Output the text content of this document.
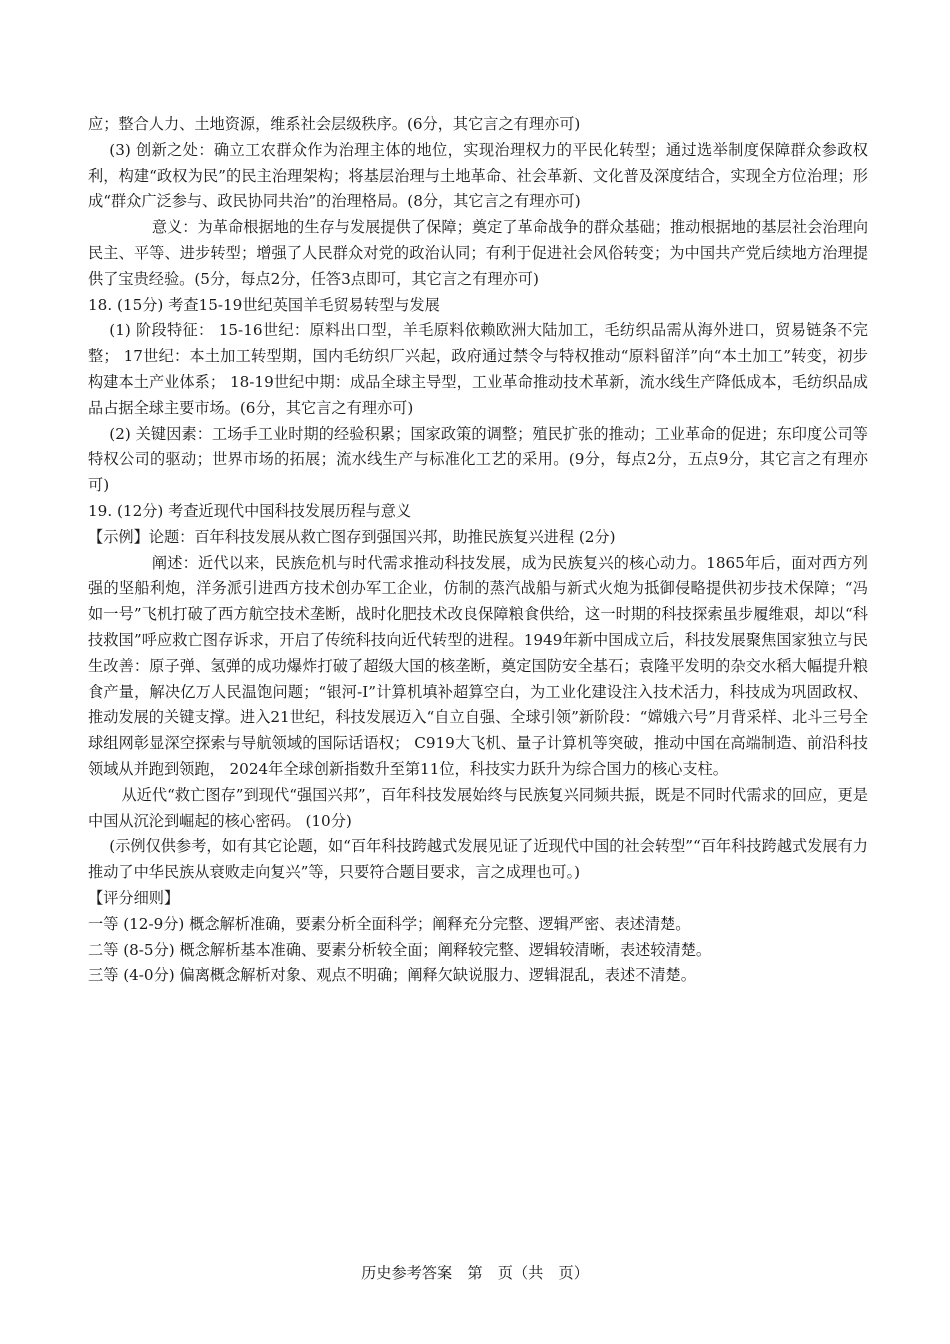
应；整合人力、土地资源，维系社会层级秩序。(6分，其它言之有理亦可)

(3) 创新之处：确立工农群众作为治理主体的地位，实现治理权力的平民化转型；通过选举制度保障群众参政权利，构建“政权为民”的民主治理架构；将基层治理与土地革命、社会革新、文化普及深度结合，实现全方位治理；形成“群众广泛参与、政民协同共治”的治理格局。(8分，其它言之有理亦可)

意义：为革命根据地的生存与发展提供了保障；奠定了革命战争的群众基础；推动根据地的基层社会治理向民主、平等、进步转型；增强了人民群众对党的政治认同；有利于促进社会风俗转变；为中国共产党后续地方治理提供了宝贵经验。(5分，每点2分，任答3点即可，其它言之有理亦可)

18. (15分) 考查15-19世纪英国羊毛贸易转型与发展

(1) 阶段特征： 15-16世纪：原料出口型，羊毛原料依赖欧洲大陆加工，毛纺织品需从海外进口，贸易链条不完整； 17世纪：本土加工转型期，国内毛纺织厂兴起，政府通过禁令与特权推动“原料留洋”向“本土加工”转变，初步构建本土产业体系； 18-19世纪中期：成品全球主导型，工业革命推动技术革新，流水线生产降低成本，毛纺织品成品占据全球主要市场。(6分，其它言之有理亦可)

(2) 关键因素：工场手工业时期的经验积累；国家政策的调整；殖民扩张的推动；工业革命的促进；东印度公司等特权公司的驱动；世界市场的拓展；流水线生产与标准化工艺的采用。(9分，每点2分，五点9分，其它言之有理亦可)

19. (12分) 考查近现代中国科技发展历程与意义

【示例】论题：百年科技发展从救亡图存到强国兴邦，助推民族复兴进程 (2分)

阐述：近代以来，民族危机与时代需求推动科技发展，成为民族复兴的核心动力。1865年后，面对西方列强的坚船利炮，洋务派引进西方技术创办军工企业，仿制的蒸汽战船与新式火炮为抵御侵略提供初步技术保障；“冯如一号”飞机打破了西方航空技术垄断，战时化肥技术改良保障粮食供给，这一时期的科技探索虽步履维艰，却以“科技救国”呼应救亡图存诉求，开启了传统科技向近代转型的进程。1949年新中国成立后，科技发展聚焦国家独立与民生改善：原子弹、氢弹的成功爆炸打破了超级大国的核垄断，奠定国防安全基石；袁隆平发明的杂交水稻大幅提升粮食产量，解决亿万人民温饱问题；“银河-I”计算机填补超算空白，为工业化建设注入技术活力，科技成为巩固政权、推动发展的关键支撑。进入21世纪，科技发展迈入“自立自强、全球引领”新阶段：“嫦娥六号”月背采样、北斗三号全球组网彰显深空探索与导航领域的国际话语权； C919大飞机、量子计算机等突破，推动中国在高端制造、前沿科技领域从并跑到领跑， 2024年全球创新指数升至第11位，科技实力跃升为综合国力的核心支柱。

从近代“救亡图存”到现代“强国兴邦”，百年科技发展始终与民族复兴同频共振，既是不同时代需求的回应，更是中国从沉沦到崛起的核心密码。 (10分)

(示例仅供参考，如有其它论题，如“百年科技跨越式发展见证了近现代中国的社会转型”“百年科技跨越式发展有力推动了中华民族从衰败走向复兴”等，只要符合题目要求，言之成理也可。)

【评分细则】

一等 (12-9分) 概念解析准确，要素分析全面科学；阐释充分完整、逻辑严密、表述清楚。

二等 (8-5分) 概念解析基本准确、要素分析较全面；阐释较完整、逻辑较清晰，表述较清楚。

三等 (4-0分) 偏离概念解析对象、观点不明确；阐释欠缺说服力、逻辑混乱，表述不清楚。

历史参考答案　第　页（共　页）
